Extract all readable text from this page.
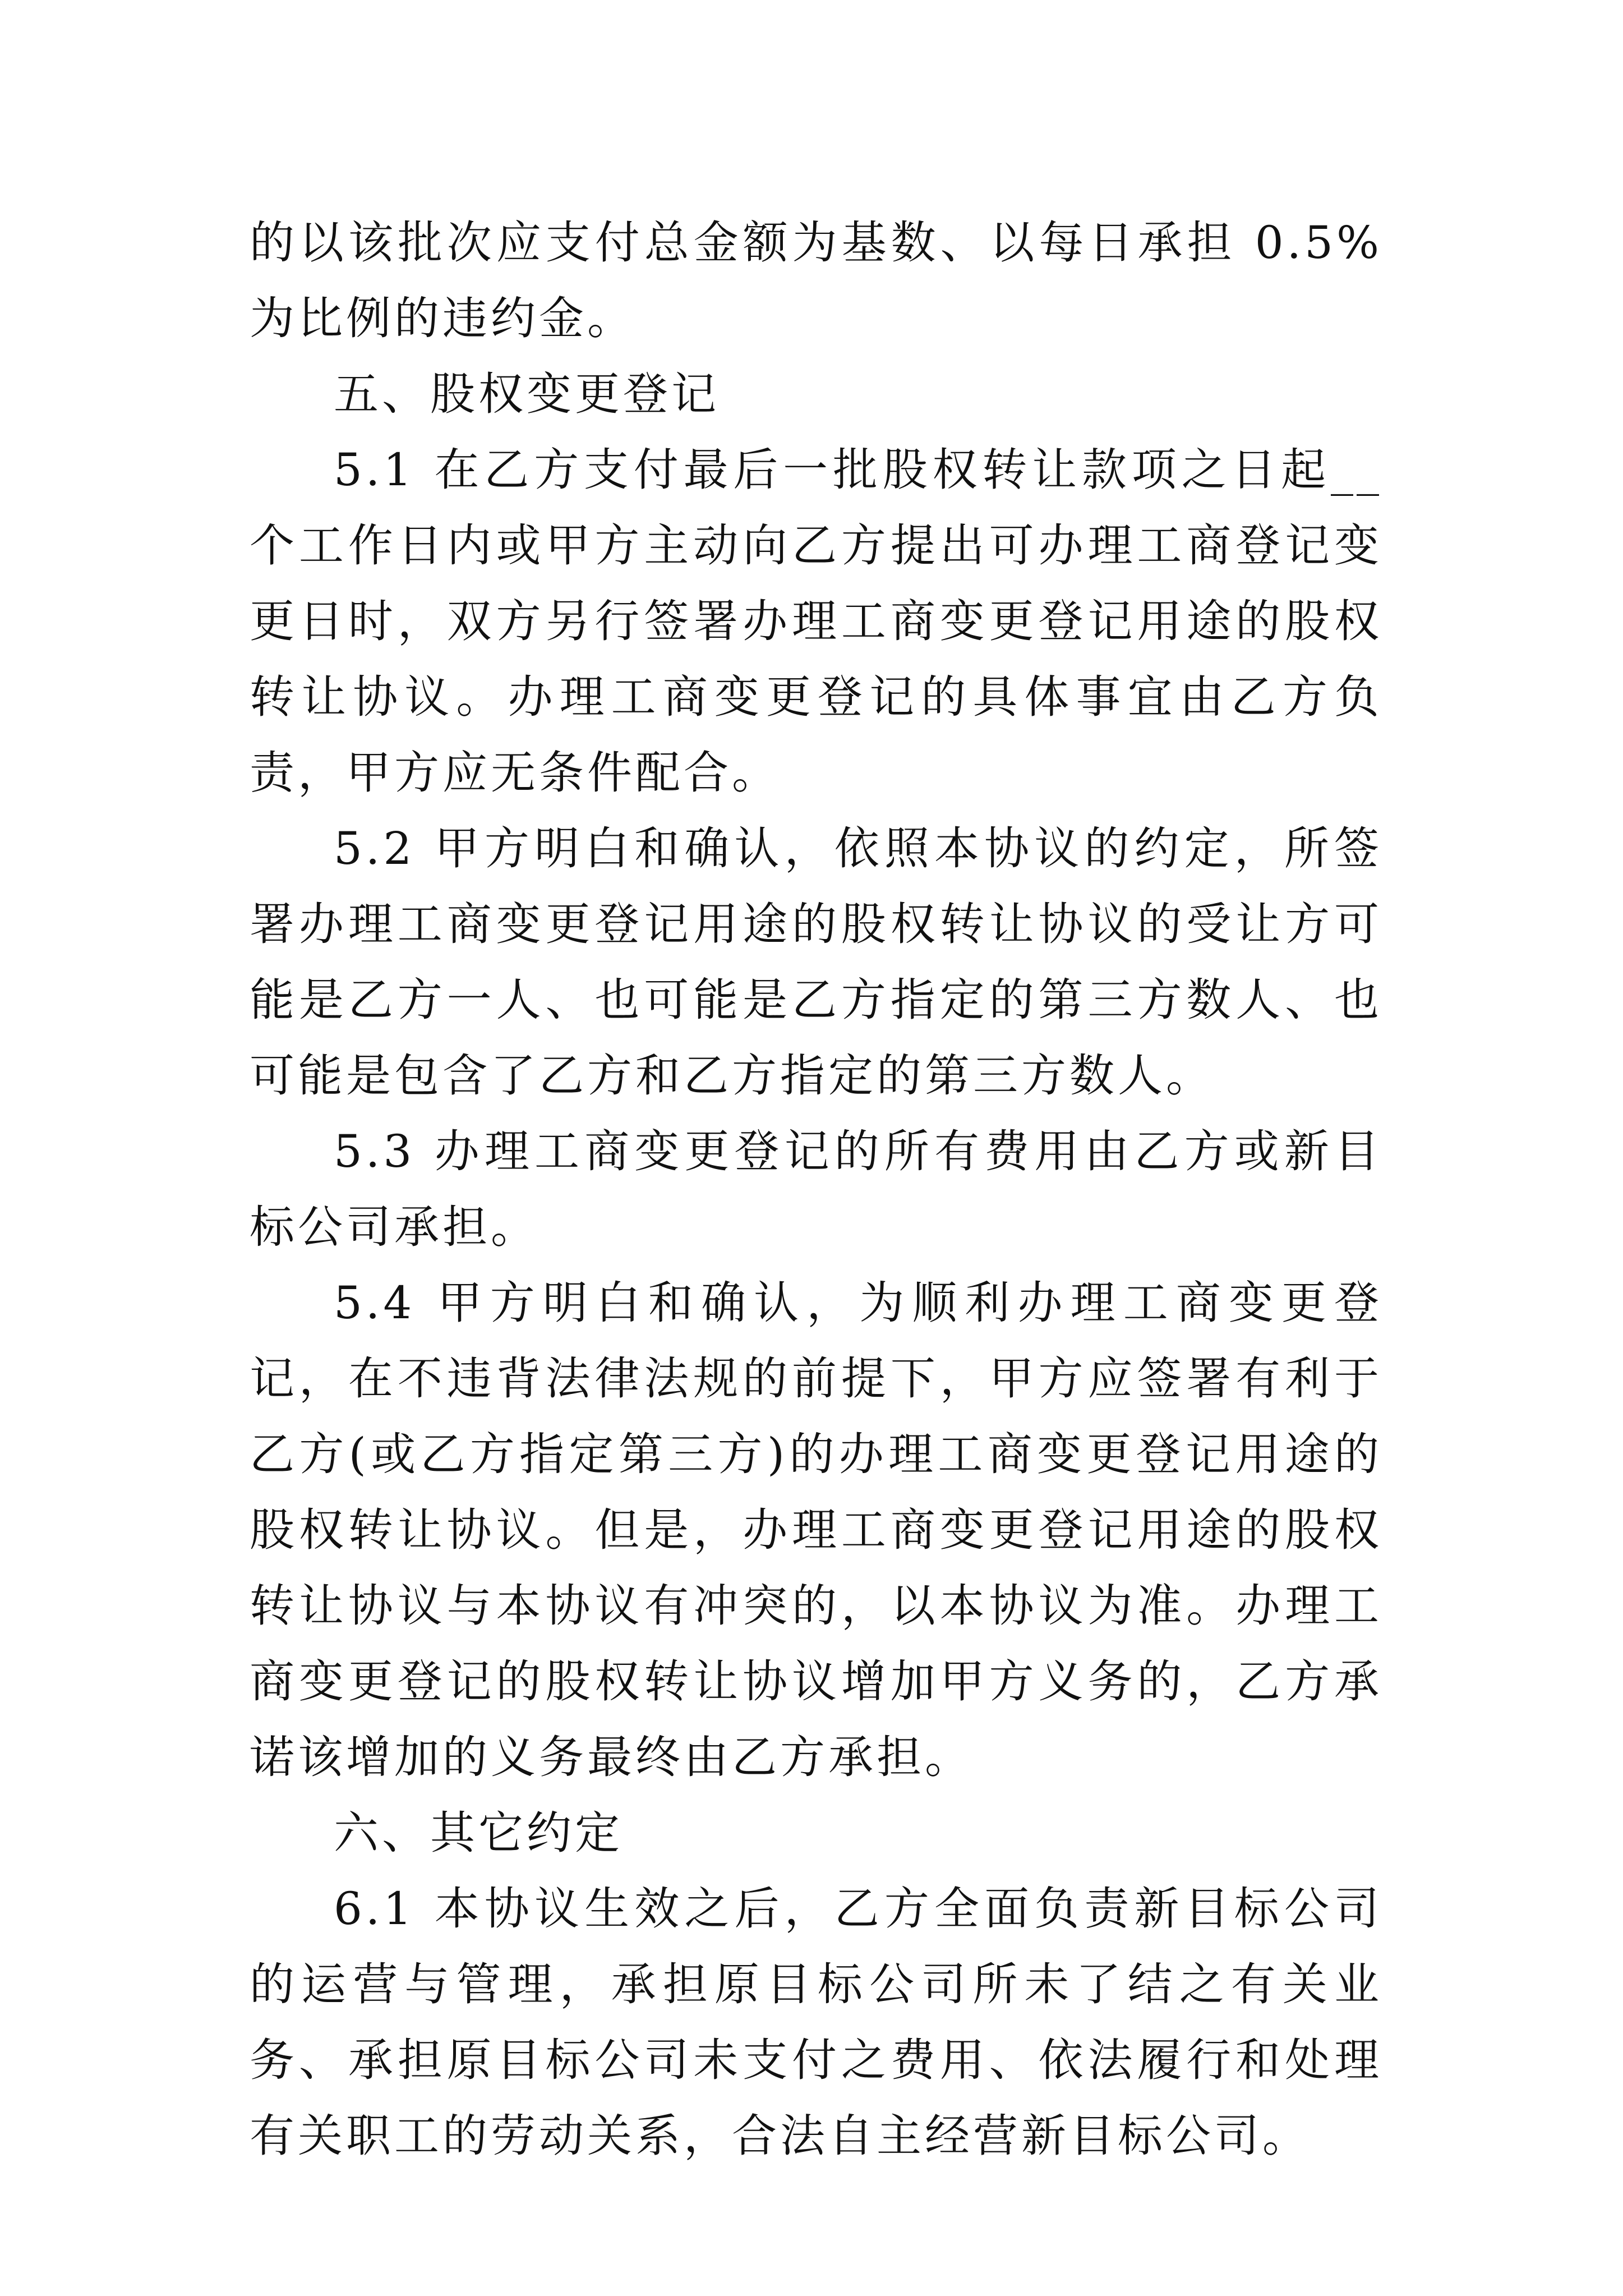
的以该批次应支付总金额为基数、以每日承担 0.5%为比例的违约金。

五、股权变更登记

5.1 在乙方支付最后一批股权转让款项之日起__个工作日内或甲方主动向乙方提出可办理工商登记变更日时，双方另行签署办理工商变更登记用途的股权转让协议。办理工商变更登记的具体事宜由乙方负责，甲方应无条件配合。

5.2 甲方明白和确认，依照本协议的约定，所签署办理工商变更登记用途的股权转让协议的受让方可能是乙方一人、也可能是乙方指定的第三方数人、也可能是包含了乙方和乙方指定的第三方数人。

5.3 办理工商变更登记的所有费用由乙方或新目标公司承担。

5.4 甲方明白和确认，为顺利办理工商变更登记，在不违背法律法规的前提下，甲方应签署有利于乙方(或乙方指定第三方)的办理工商变更登记用途的股权转让协议。但是，办理工商变更登记用途的股权转让协议与本协议有冲突的，以本协议为准。办理工商变更登记的股权转让协议增加甲方义务的，乙方承诺该增加的义务最终由乙方承担。

六、其它约定

6.1 本协议生效之后，乙方全面负责新目标公司的运营与管理，承担原目标公司所未了结之有关业务、承担原目标公司未支付之费用、依法履行和处理有关职工的劳动关系，合法自主经营新目标公司。
